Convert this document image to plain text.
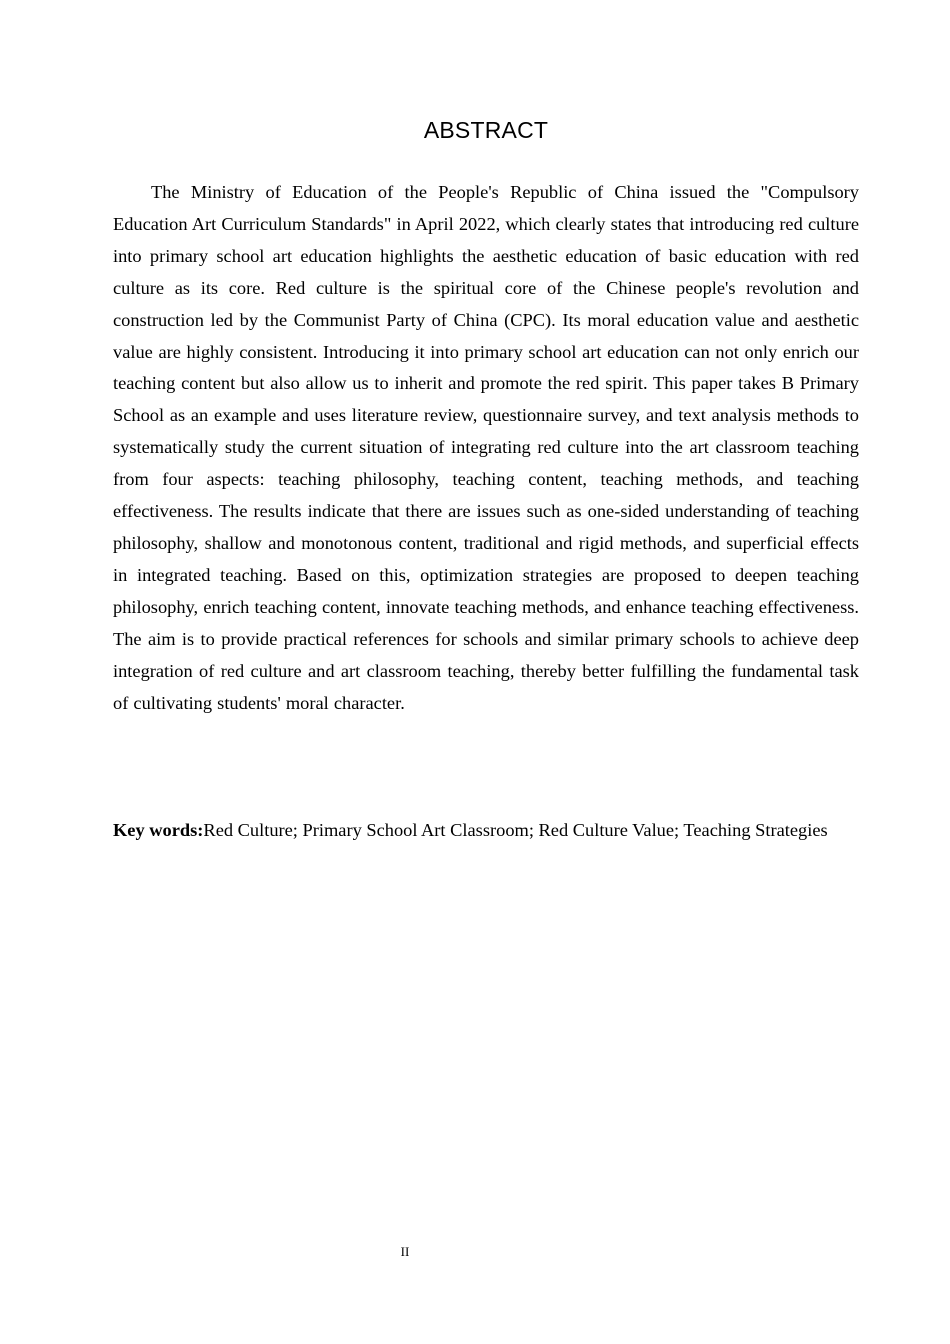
ABSTRACT

The Ministry of Education of the People's Republic of China issued the "Compulsory Education Art Curriculum Standards" in April 2022, which clearly states that introducing red culture into primary school art education highlights the aesthetic education of basic education with red culture as its core. Red culture is the spiritual core of the Chinese people's revolution and construction led by the Communist Party of China (CPC). Its moral education value and aesthetic value are highly consistent. Introducing it into primary school art education can not only enrich our teaching content but also allow us to inherit and promote the red spirit. This paper takes B Primary School as an example and uses literature review, questionnaire survey, and text analysis methods to systematically study the current situation of integrating red culture into the art classroom teaching from four aspects: teaching philosophy, teaching content, teaching methods, and teaching effectiveness. The results indicate that there are issues such as one-sided understanding of teaching philosophy, shallow and monotonous content, traditional and rigid methods, and superficial effects in integrated teaching. Based on this, optimization strategies are proposed to deepen teaching philosophy, enrich teaching content, innovate teaching methods, and enhance teaching effectiveness. The aim is to provide practical references for schools and similar primary schools to achieve deep integration of red culture and art classroom teaching, thereby better fulfilling the fundamental task of cultivating students' moral character.

Key words:Red Culture; Primary School Art Classroom; Red Culture Value; Teaching Strategies

II
